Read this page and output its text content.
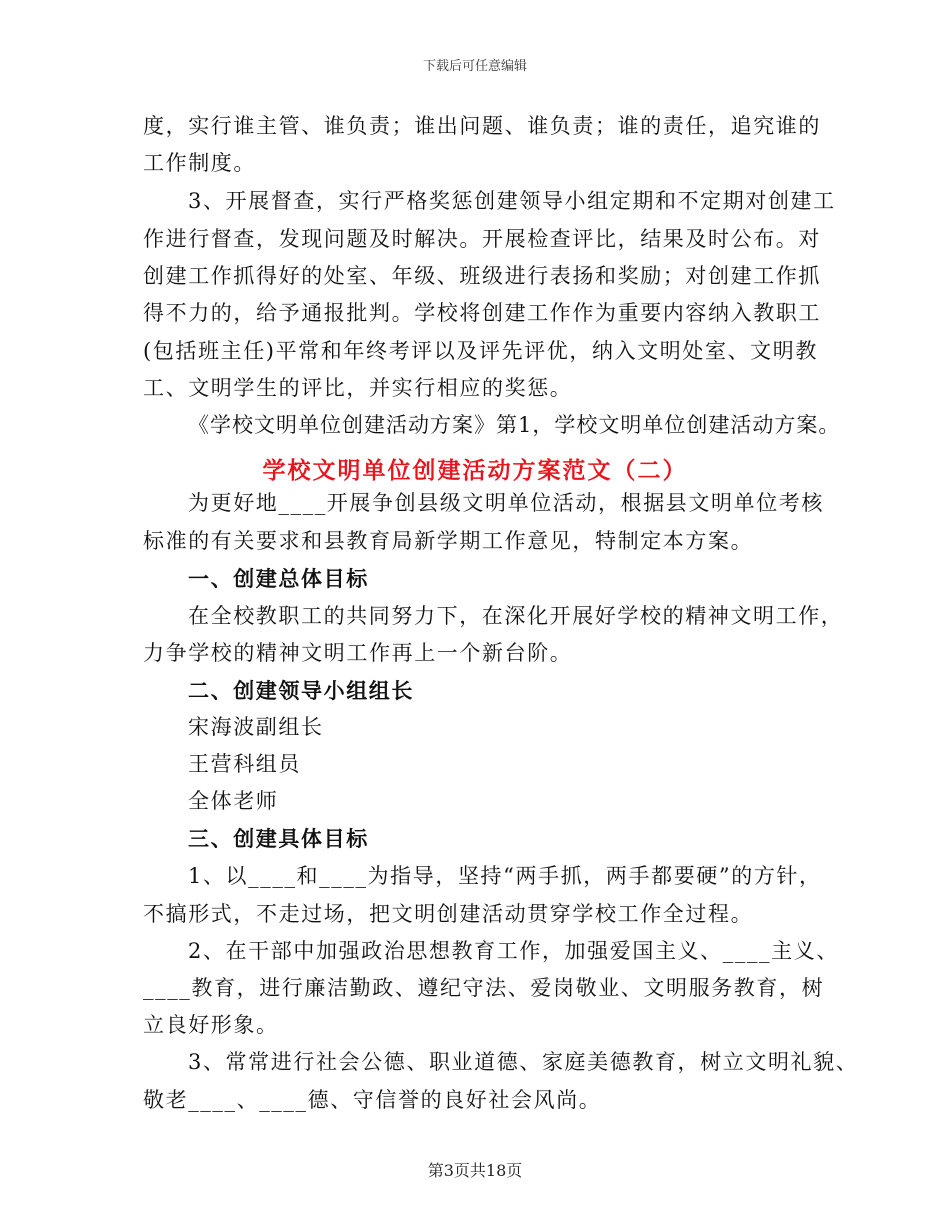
下载后可任意编辑
度，实行谁主管、谁负责；谁出问题、谁负责；谁的责任，追究谁的
工作制度。
3、开展督查，实行严格奖惩创建领导小组定期和不定期对创建工
作进行督查，发现问题及时解决。开展检查评比，结果及时公布。对
创建工作抓得好的处室、年级、班级进行表扬和奖励；对创建工作抓
得不力的，给予通报批判。学校将创建工作作为重要内容纳入教职工
(包括班主任)平常和年终考评以及评先评优，纳入文明处室、文明教
工、文明学生的评比，并实行相应的奖惩。
《学校文明单位创建活动方案》第1，学校文明单位创建活动方案。
学校文明单位创建活动方案范文（二）
为更好地____开展争创县级文明单位活动，根据县文明单位考核
标准的有关要求和县教育局新学期工作意见，特制定本方案。
一、创建总体目标
在全校教职工的共同努力下，在深化开展好学校的精神文明工作，
力争学校的精神文明工作再上一个新台阶。
二、创建领导小组组长
宋海波副组长
王营科组员
全体老师
三、创建具体目标
1、以____和____为指导，坚持“两手抓，两手都要硬”的方针，
不搞形式，不走过场，把文明创建活动贯穿学校工作全过程。
2、在干部中加强政治思想教育工作，加强爱国主义、____主义、
____教育，进行廉洁勤政、遵纪守法、爱岗敬业、文明服务教育，树
立良好形象。
3、常常进行社会公德、职业道德、家庭美德教育，树立文明礼貌、
敬老____、____德、守信誉的良好社会风尚。
第3页共18页
